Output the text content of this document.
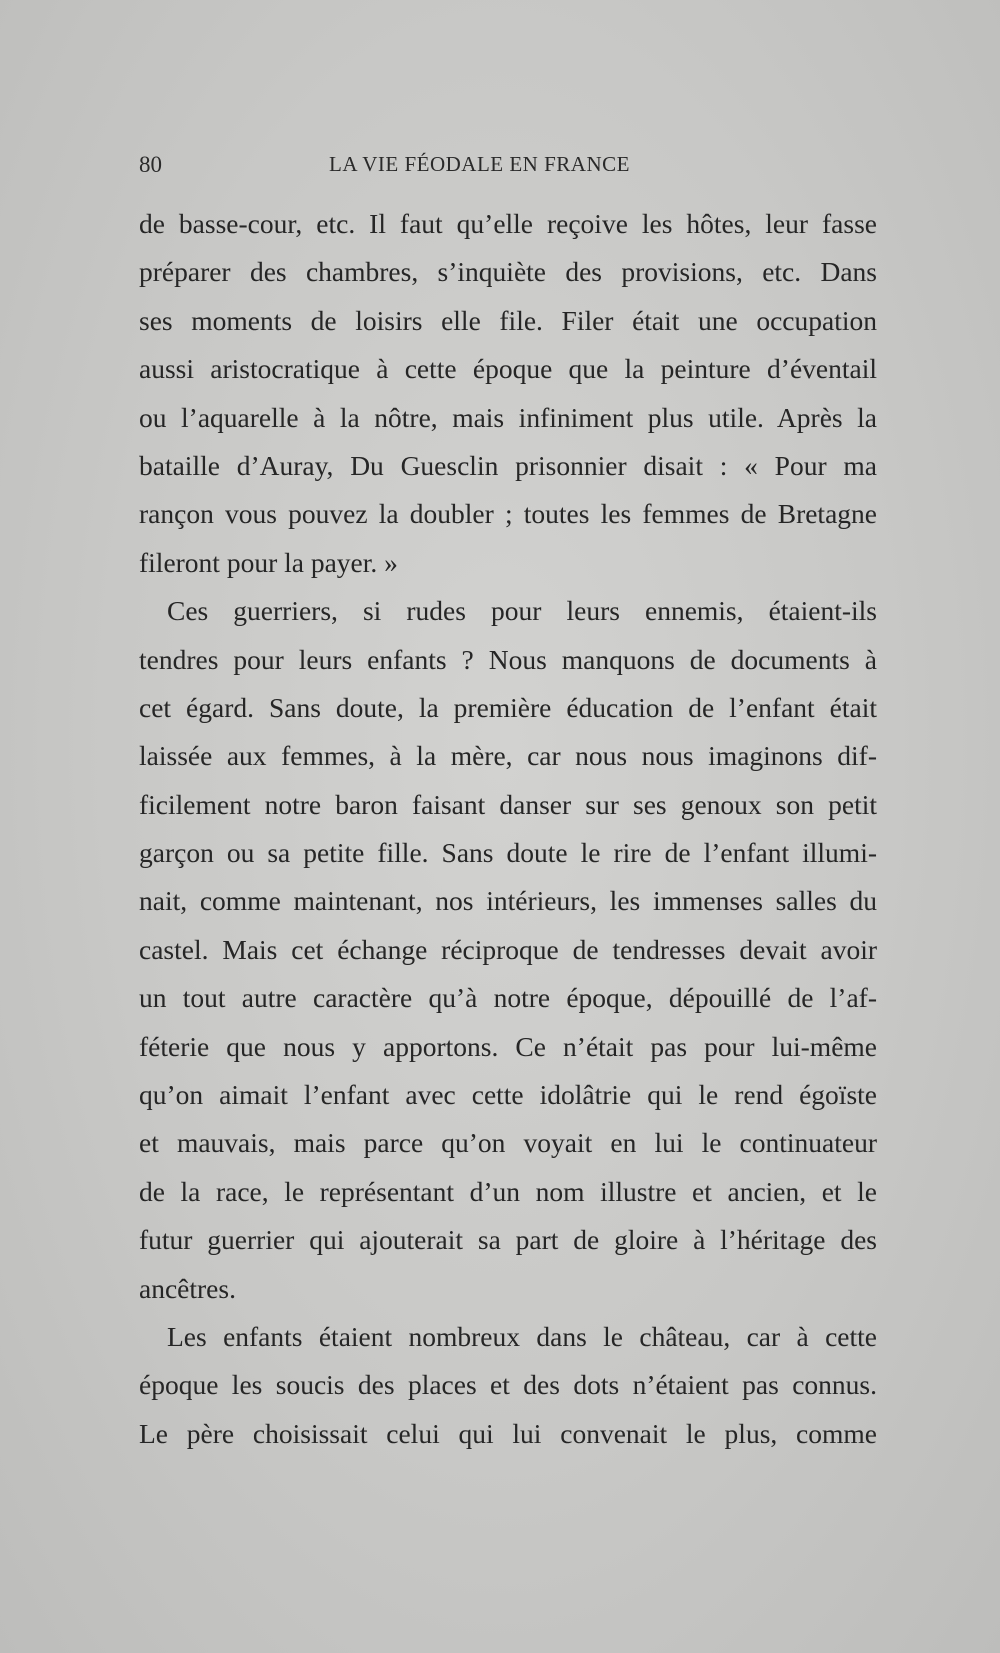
80	LA VIE FÉODALE EN FRANCE
de basse-cour, etc. Il faut qu’elle reçoive les hôtes, leur fasse
préparer des chambres, s’inquiète des provisions, etc. Dans
ses moments de loisirs elle file. Filer était une occupation
aussi aristocratique à cette époque que la peinture d’éventail
ou l’aquarelle à la nôtre, mais infiniment plus utile. Après la
bataille d’Auray, Du Guesclin prisonnier disait : « Pour ma
rançon vous pouvez la doubler ; toutes les femmes de Bretagne
fileront pour la payer. »
Ces guerriers, si rudes pour leurs ennemis, étaient-ils
tendres pour leurs enfants ? Nous manquons de documents à
cet égard. Sans doute, la première éducation de l’enfant était
laissée aux femmes, à la mère, car nous nous imaginons dif-
ficilement notre baron faisant danser sur ses genoux son petit
garçon ou sa petite fille. Sans doute le rire de l’enfant illumi-
nait, comme maintenant, nos intérieurs, les immenses salles du
castel. Mais cet échange réciproque de tendresses devait avoir
un tout autre caractère qu’à notre époque, dépouillé de l’af-
féterie que nous y apportons. Ce n’était pas pour lui-même
qu’on aimait l’enfant avec cette idolâtrie qui le rend égoïste
et mauvais, mais parce qu’on voyait en lui le continuateur
de la race, le représentant d’un nom illustre et ancien, et le
futur guerrier qui ajouterait sa part de gloire à l’héritage des
ancêtres.
Les enfants étaient nombreux dans le château, car à cette
époque les soucis des places et des dots n’étaient pas connus.
Le père choisissait celui qui lui convenait le plus, comme
